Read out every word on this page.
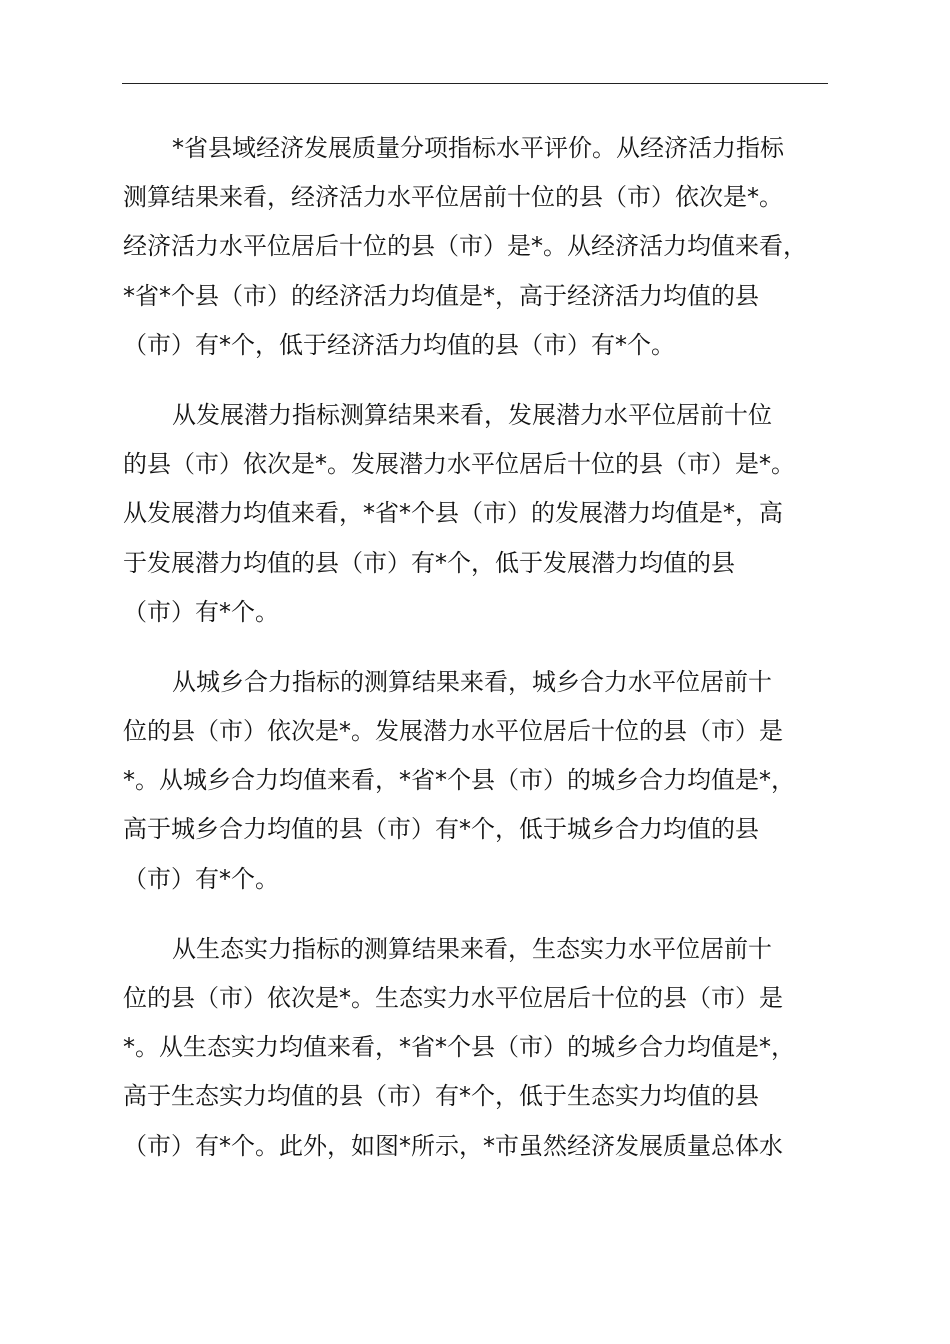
*省县域经济发展质量分项指标水平评价。从经济活力指标
测算结果来看，经济活力水平位居前十位的县（市）依次是*。
经济活力水平位居后十位的县（市）是*。从经济活力均值来看，
*省*个县（市）的经济活力均值是*，高于经济活力均值的县
（市）有*个，低于经济活力均值的县（市）有*个。

从发展潜力指标测算结果来看，发展潜力水平位居前十位
的县（市）依次是*。发展潜力水平位居后十位的县（市）是*。
从发展潜力均值来看，*省*个县（市）的发展潜力均值是*，高
于发展潜力均值的县（市）有*个，低于发展潜力均值的县
（市）有*个。

从城乡合力指标的测算结果来看，城乡合力水平位居前十
位的县（市）依次是*。发展潜力水平位居后十位的县（市）是
*。从城乡合力均值来看，*省*个县（市）的城乡合力均值是*，
高于城乡合力均值的县（市）有*个，低于城乡合力均值的县
（市）有*个。

从生态实力指标的测算结果来看，生态实力水平位居前十
位的县（市）依次是*。生态实力水平位居后十位的县（市）是
*。从生态实力均值来看，*省*个县（市）的城乡合力均值是*，
高于生态实力均值的县（市）有*个，低于生态实力均值的县
（市）有*个。此外，如图*所示，*市虽然经济发展质量总体水
